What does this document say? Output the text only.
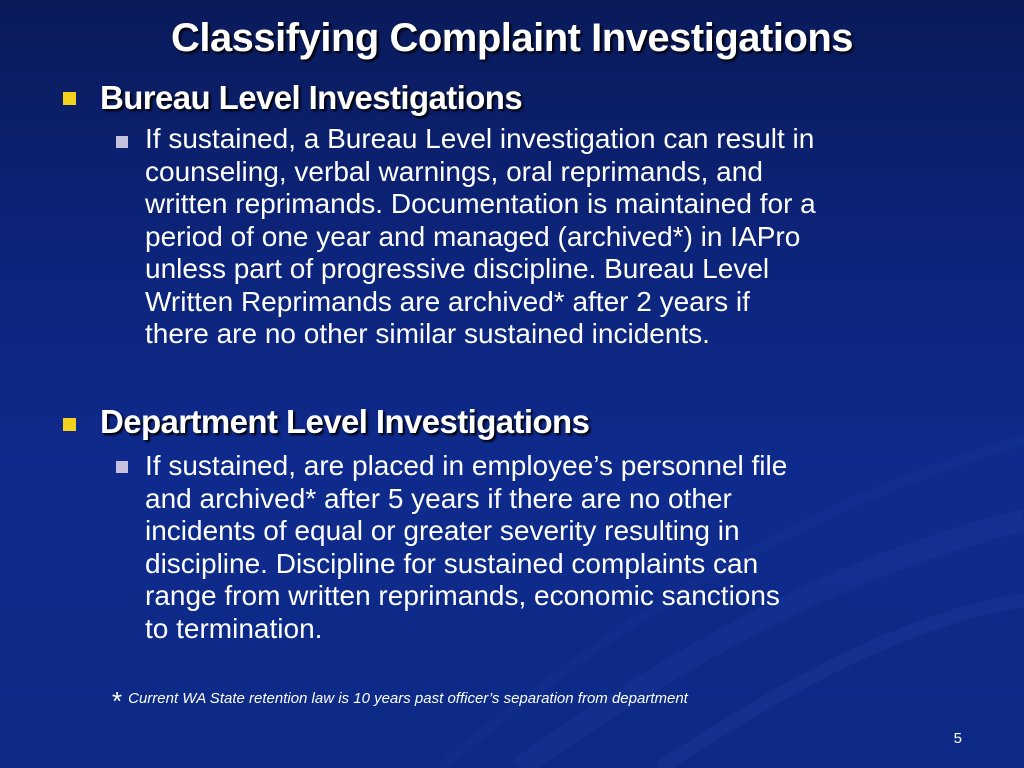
Classifying Complaint Investigations
Bureau Level Investigations
If sustained, a Bureau Level investigation can result in
counseling, verbal warnings, oral reprimands, and
written reprimands. Documentation is maintained for a
period of one year and managed (archived*) in IAPro
unless part of progressive discipline. Bureau Level
Written Reprimands are archived* after 2 years if
there are no other similar sustained incidents.
Department Level Investigations
If sustained, are placed in employee’s personnel file
and archived* after 5 years if there are no other
incidents of equal or greater severity resulting in
discipline. Discipline for sustained complaints can
range from written reprimands, economic sanctions
to termination.
* Current WA State retention law is 10 years past officer’s separation from department
5
